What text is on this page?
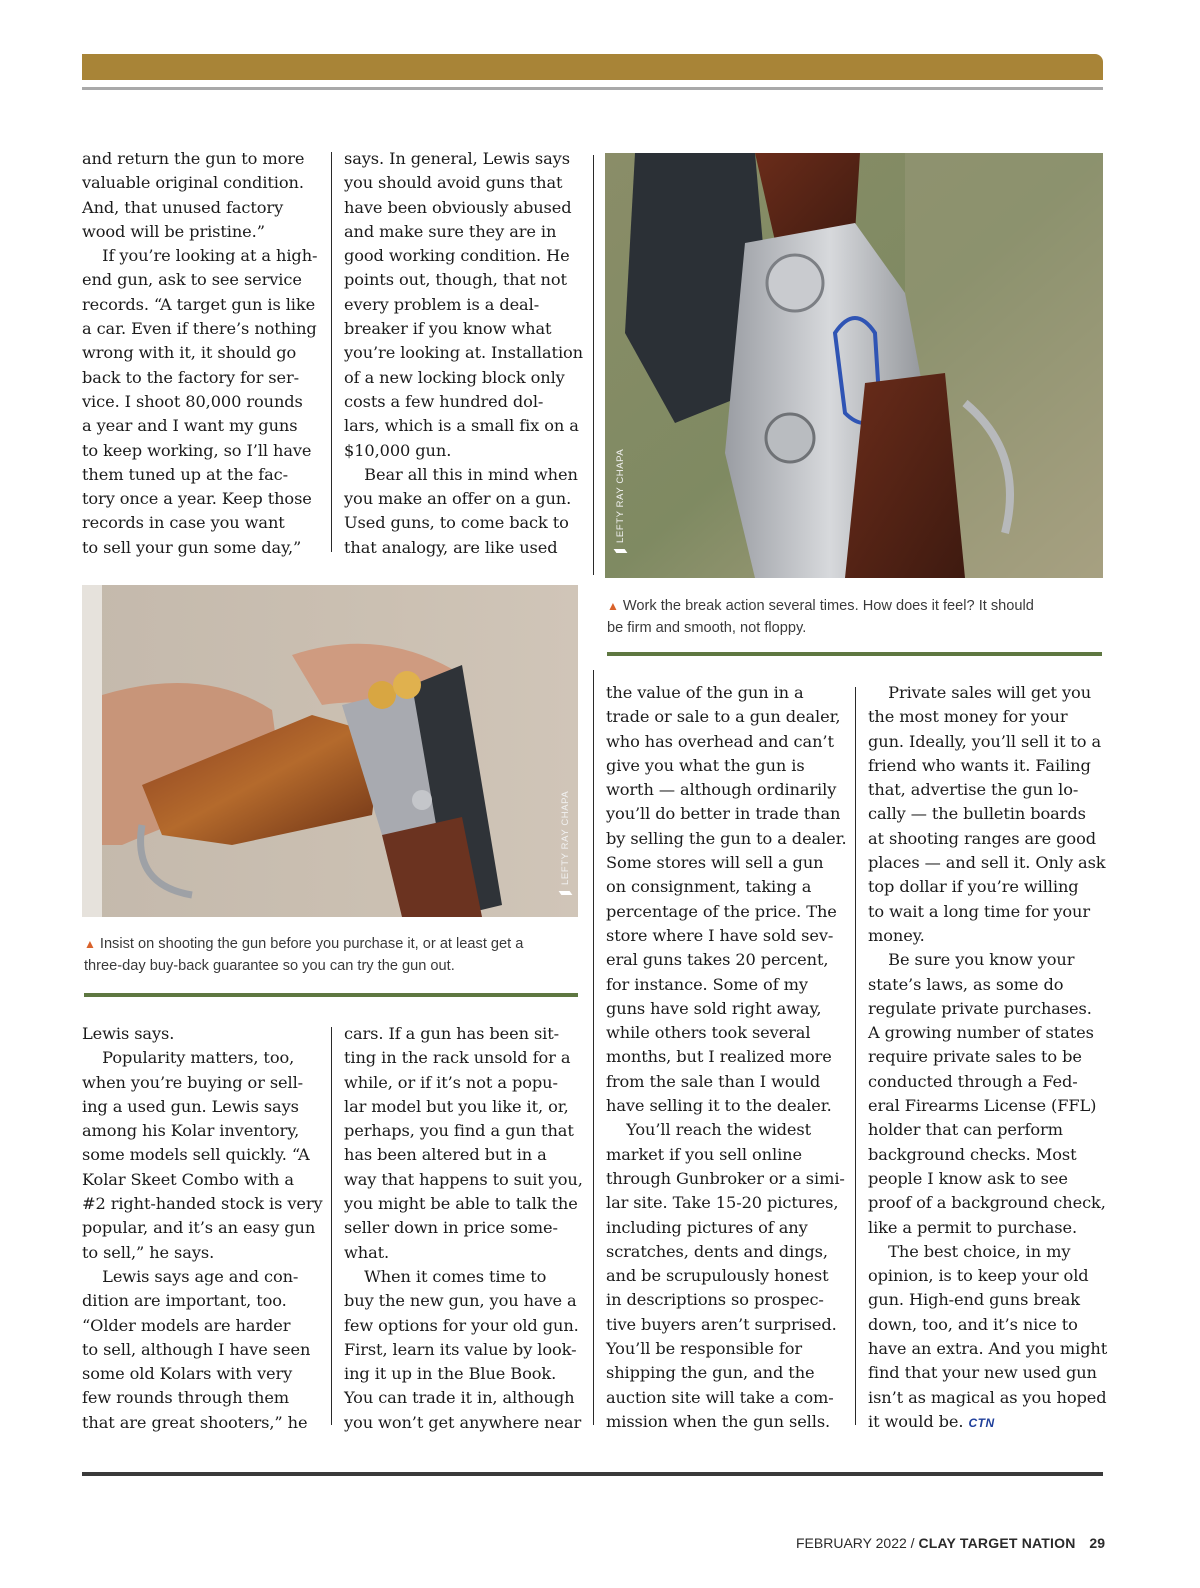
and return the gun to more
valuable original condition.
And, that unused factory
wood will be pristine.”
If you’re looking at a high-
end gun, ask to see service
records. “A target gun is like
a car. Even if there’s nothing
wrong with it, it should go
back to the factory for ser-
vice. I shoot 80,000 rounds
a year and I want my guns
to keep working, so I’ll have
them tuned up at the fac-
tory once a year. Keep those
records in case you want
to sell your gun some day,”
says. In general, Lewis says
you should avoid guns that
have been obviously abused
and make sure they are in
good working condition. He
points out, though, that not
every problem is a deal-
breaker if you know what
you’re looking at. Installation
of a new locking block only
costs a few hundred dol-
lars, which is a small fix on a
$10,000 gun.
Bear all this in mind when
you make an offer on a gun.
Used guns, to come back to
that analogy, are like used
LEFTY RAY CHAPA
▲ Work the break action several times. How does it feel? It should
be firm and smooth, not floppy.
LEFTY RAY CHAPA
▲ Insist on shooting the gun before you purchase it, or at least get a
three-day buy-back guarantee so you can try the gun out.
Lewis says.
Popularity matters, too,
when you’re buying or sell-
ing a used gun. Lewis says
among his Kolar inventory,
some models sell quickly. “A
Kolar Skeet Combo with a
#2 right-handed stock is very
popular, and it’s an easy gun
to sell,” he says.
Lewis says age and con-
dition are important, too.
“Older models are harder
to sell, although I have seen
some old Kolars with very
few rounds through them
that are great shooters,” he
cars. If a gun has been sit-
ting in the rack unsold for a
while, or if it’s not a popu-
lar model but you like it, or,
perhaps, you find a gun that
has been altered but in a
way that happens to suit you,
you might be able to talk the
seller down in price some-
what.
When it comes time to
buy the new gun, you have a
few options for your old gun.
First, learn its value by look-
ing it up in the Blue Book.
You can trade it in, although
you won’t get anywhere near
the value of the gun in a
trade or sale to a gun dealer,
who has overhead and can’t
give you what the gun is
worth — although ordinarily
you’ll do better in trade than
by selling the gun to a dealer.
Some stores will sell a gun
on consignment, taking a
percentage of the price. The
store where I have sold sev-
eral guns takes 20 percent,
for instance. Some of my
guns have sold right away,
while others took several
months, but I realized more
from the sale than I would
have selling it to the dealer.
You’ll reach the widest
market if you sell online
through Gunbroker or a simi-
lar site. Take 15-20 pictures,
including pictures of any
scratches, dents and dings,
and be scrupulously honest
in descriptions so prospec-
tive buyers aren’t surprised.
You’ll be responsible for
shipping the gun, and the
auction site will take a com-
mission when the gun sells.
Private sales will get you
the most money for your
gun. Ideally, you’ll sell it to a
friend who wants it. Failing
that, advertise the gun lo-
cally — the bulletin boards
at shooting ranges are good
places — and sell it. Only ask
top dollar if you’re willing
to wait a long time for your
money.
Be sure you know your
state’s laws, as some do
regulate private purchases.
A growing number of states
require private sales to be
conducted through a Fed-
eral Firearms License (FFL)
holder that can perform
background checks. Most
people I know ask to see
proof of a background check,
like a permit to purchase.
The best choice, in my
opinion, is to keep your old
gun. High-end guns break
down, too, and it’s nice to
have an extra. And you might
find that your new used gun
isn’t as magical as you hoped
it would be. CTN
FEBRUARY 2022 / CLAY TARGET NATION 29
